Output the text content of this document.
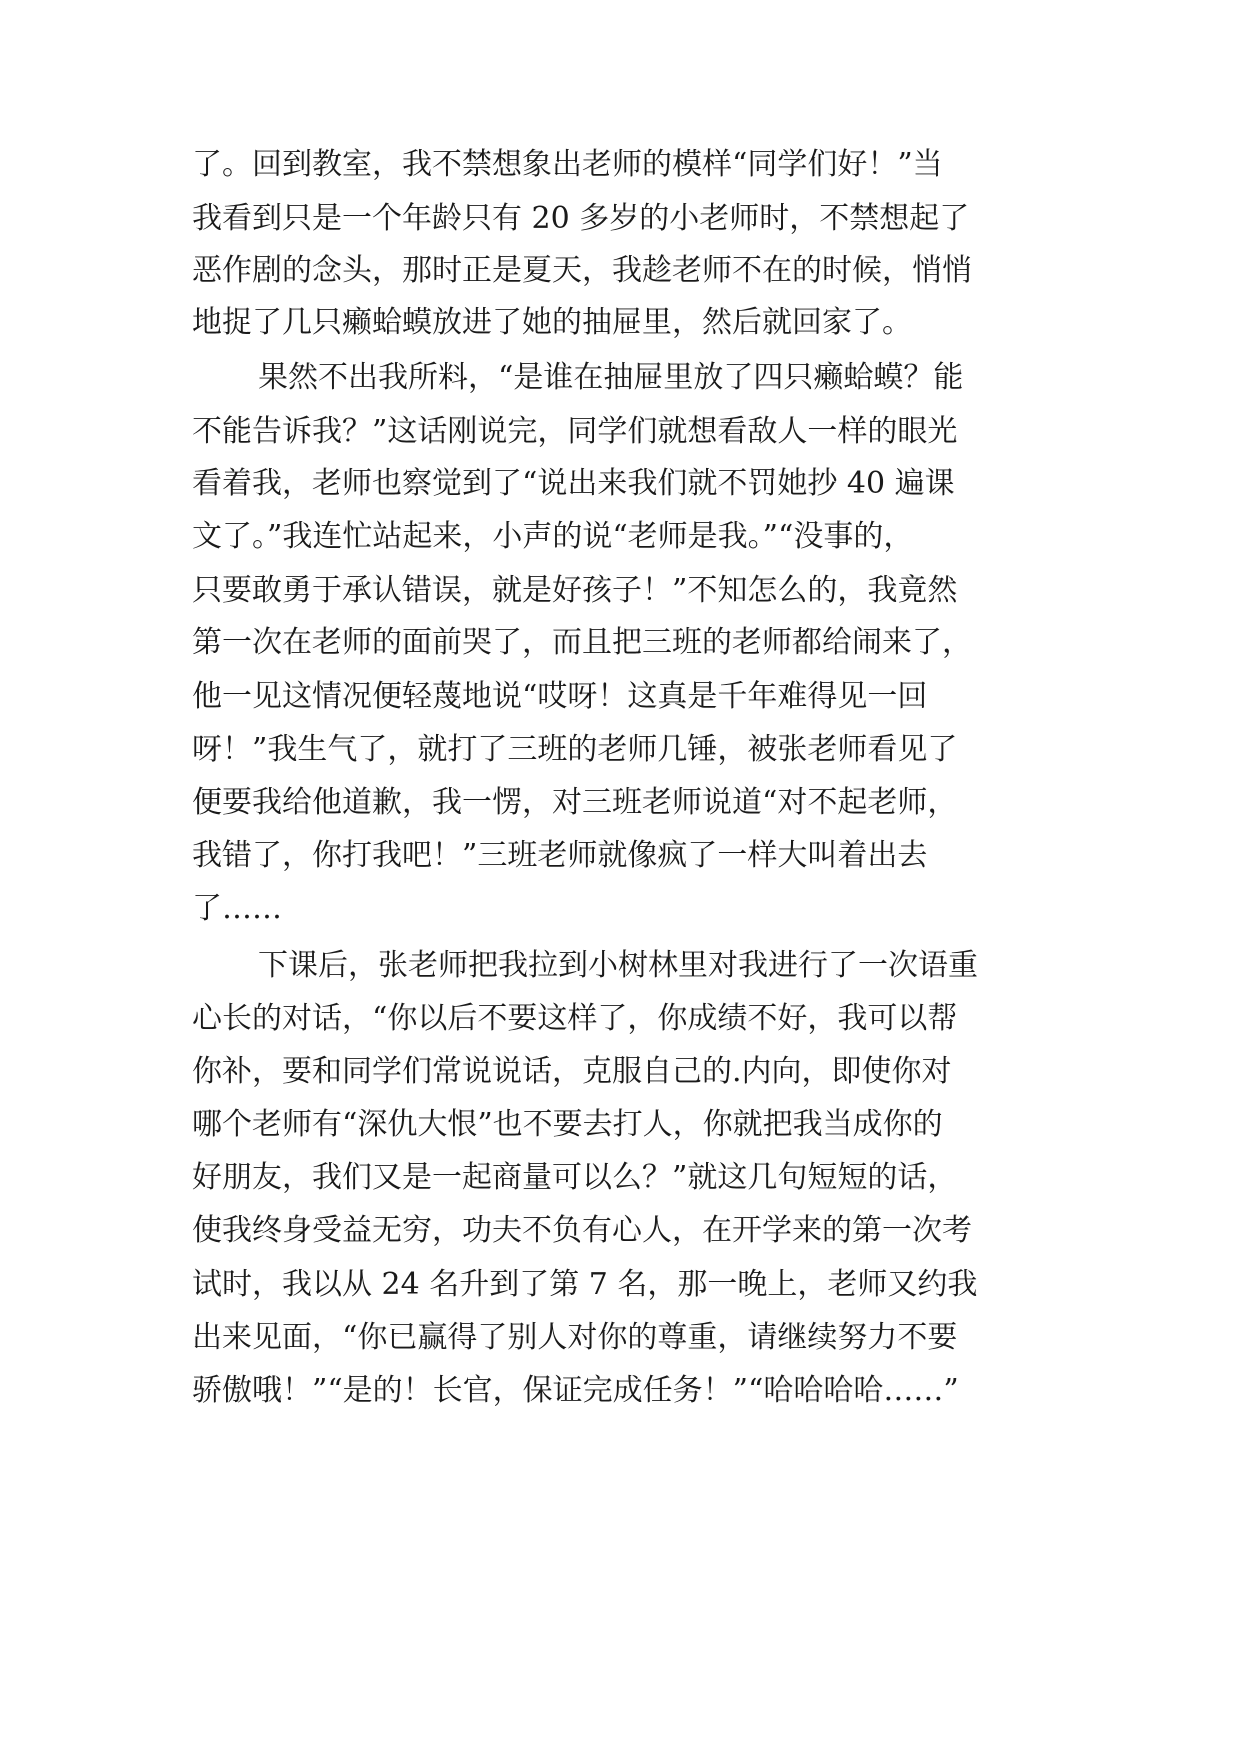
了。回到教室，我不禁想象出老师的模样“同学们好！”当
我看到只是一个年龄只有 20 多岁的小老师时，不禁想起了
恶作剧的念头，那时正是夏天，我趁老师不在的时候，悄悄
地捉了几只癞蛤蟆放进了她的抽屉里，然后就回家了。
果然不出我所料，“是谁在抽屉里放了四只癞蛤蟆？能
不能告诉我？”这话刚说完，同学们就想看敌人一样的眼光
看着我，老师也察觉到了“说出来我们就不罚她抄 40 遍课
文了。”我连忙站起来，小声的说“老师是我。”“没事的，
只要敢勇于承认错误，就是好孩子！”不知怎么的，我竟然
第一次在老师的面前哭了，而且把三班的老师都给闹来了，
他一见这情况便轻蔑地说“哎呀！这真是千年难得见一回
呀！”我生气了，就打了三班的老师几锤，被张老师看见了
便要我给他道歉，我一愣，对三班老师说道“对不起老师，
我错了，你打我吧！”三班老师就像疯了一样大叫着出去
了……
下课后，张老师把我拉到小树林里对我进行了一次语重
心长的对话，“你以后不要这样了，你成绩不好，我可以帮
你补，要和同学们常说说话，克服自己的.内向，即使你对
哪个老师有“深仇大恨”也不要去打人，你就把我当成你的
好朋友，我们又是一起商量可以么？”就这几句短短的话，
使我终身受益无穷，功夫不负有心人，在开学来的第一次考
试时，我以从 24 名升到了第 7 名，那一晚上，老师又约我
出来见面，“你已赢得了别人对你的尊重，请继续努力不要
骄傲哦！”“是的！长官，保证完成任务！”“哈哈哈哈……”
